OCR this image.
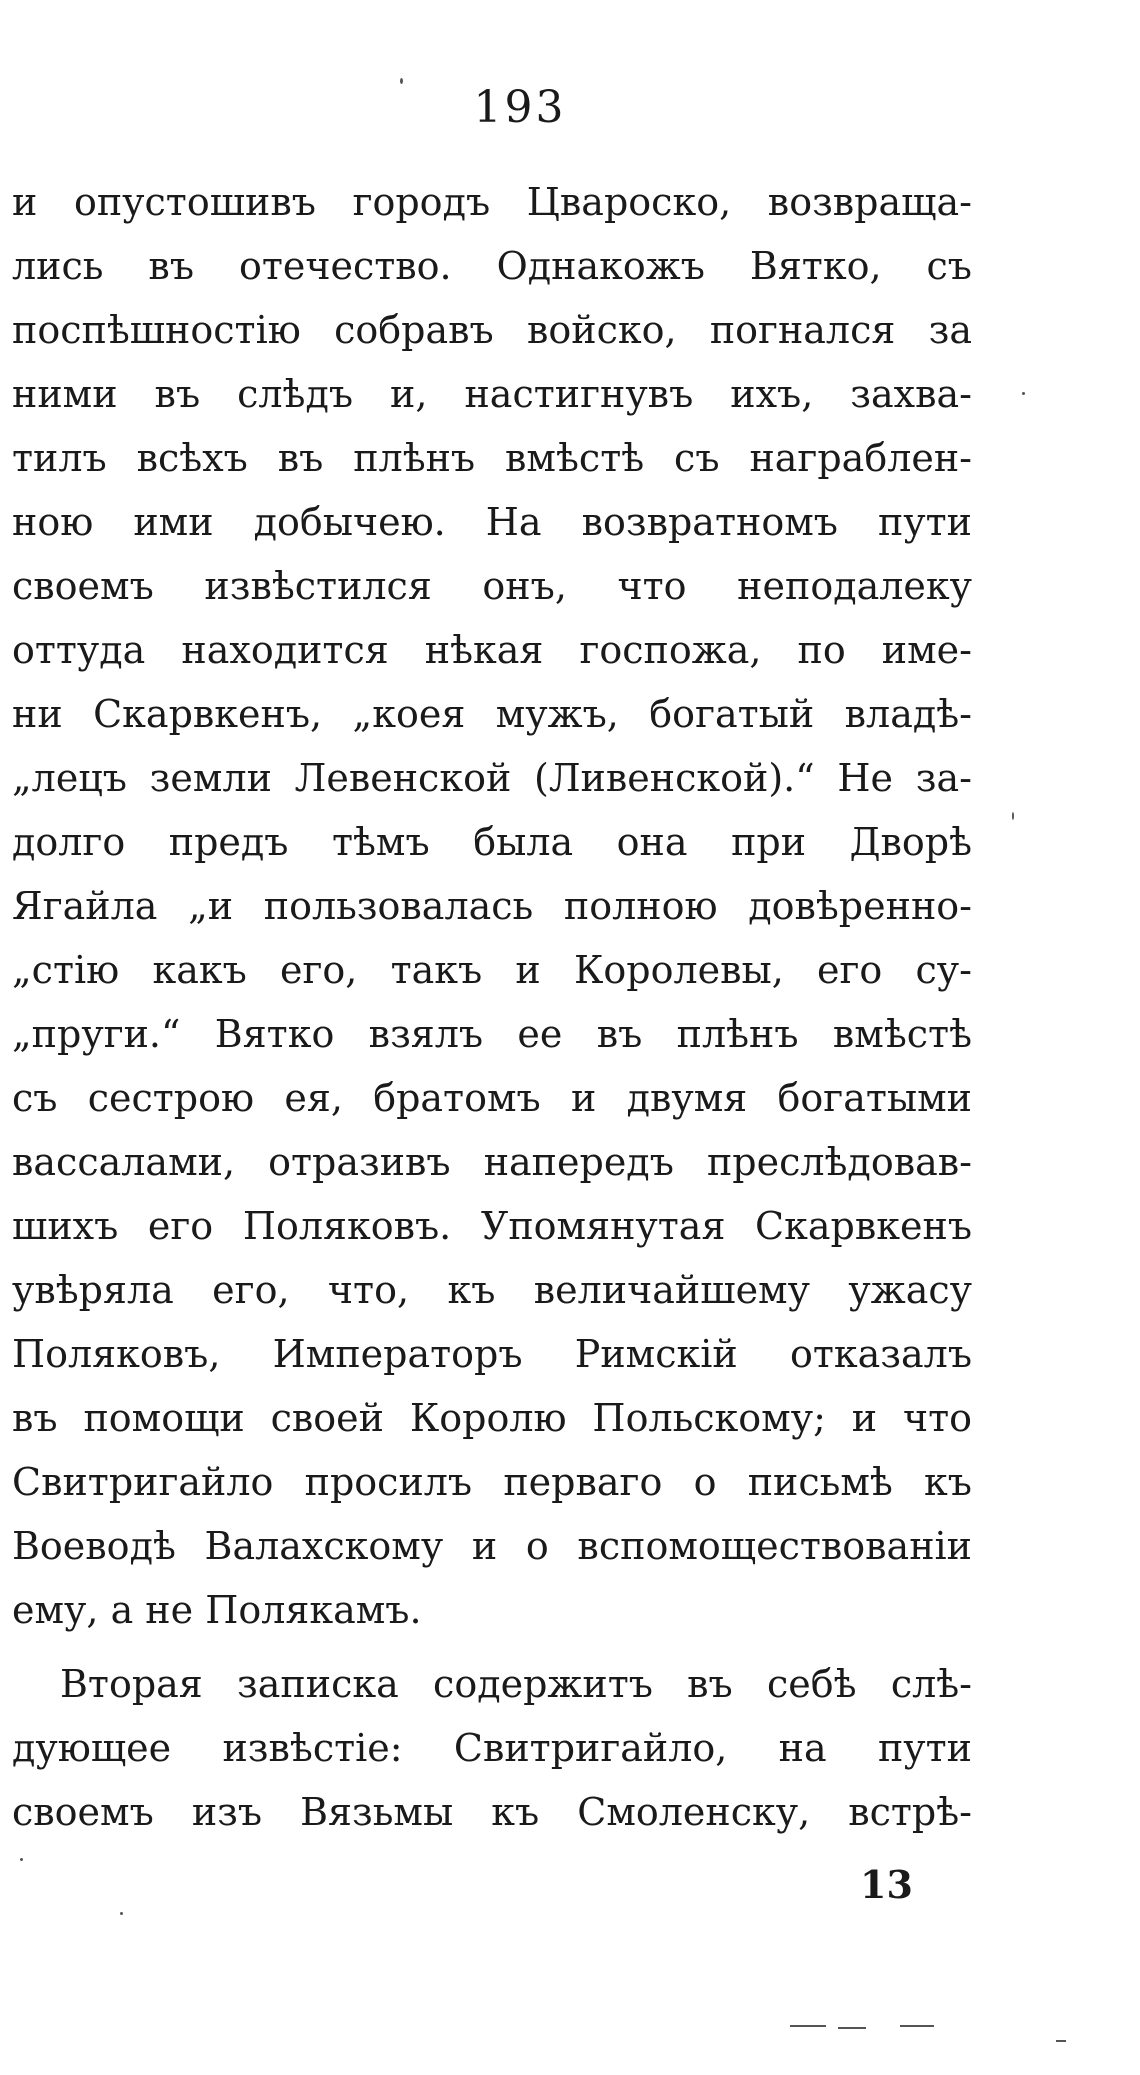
193
и опустошивъ городъ Цвароско, возвраща-
лись въ отечество. Однакожъ Вятко, съ
поспѣшностію собравъ войско, погнался за
ними въ слѣдъ и, настигнувъ ихъ, захва-
тилъ всѣхъ въ плѣнъ вмѣстѣ съ награблен-
ною ими добычею. На возвратномъ пути
своемъ извѣстился онъ, что неподалеку
оттуда находится нѣкая госпожа, по име-
ни Скарвкенъ, „коея мужъ, богатый владѣ-
„лецъ земли Левенской (Ливенской).“ Не за-
долго предъ тѣмъ была она при Дворѣ
Ягайла „и пользовалась полною довѣренно-
„стію какъ его, такъ и Королевы, его су-
„пруги.“ Вятко взялъ ее въ плѣнъ вмѣстѣ
съ сестрою ея, братомъ и двумя богатыми
вассалами, отразивъ напередъ преслѣдовав-
шихъ его Поляковъ. Упомянутая Скарвкенъ
увѣряла его, что, къ величайшему ужасу
Поляковъ, Императоръ Римскій отказалъ
въ помощи своей Королю Польскому; и что
Свитригайло просилъ перваго о письмѣ къ
Воеводѣ Валахскому и о вспомоществованіи
ему, а не Полякамъ.
Вторая записка содержитъ въ себѣ слѣ-
дующее извѣстіе: Свитригайло, на пути
своемъ изъ Вязьмы къ Смоленску, встрѣ-
13
